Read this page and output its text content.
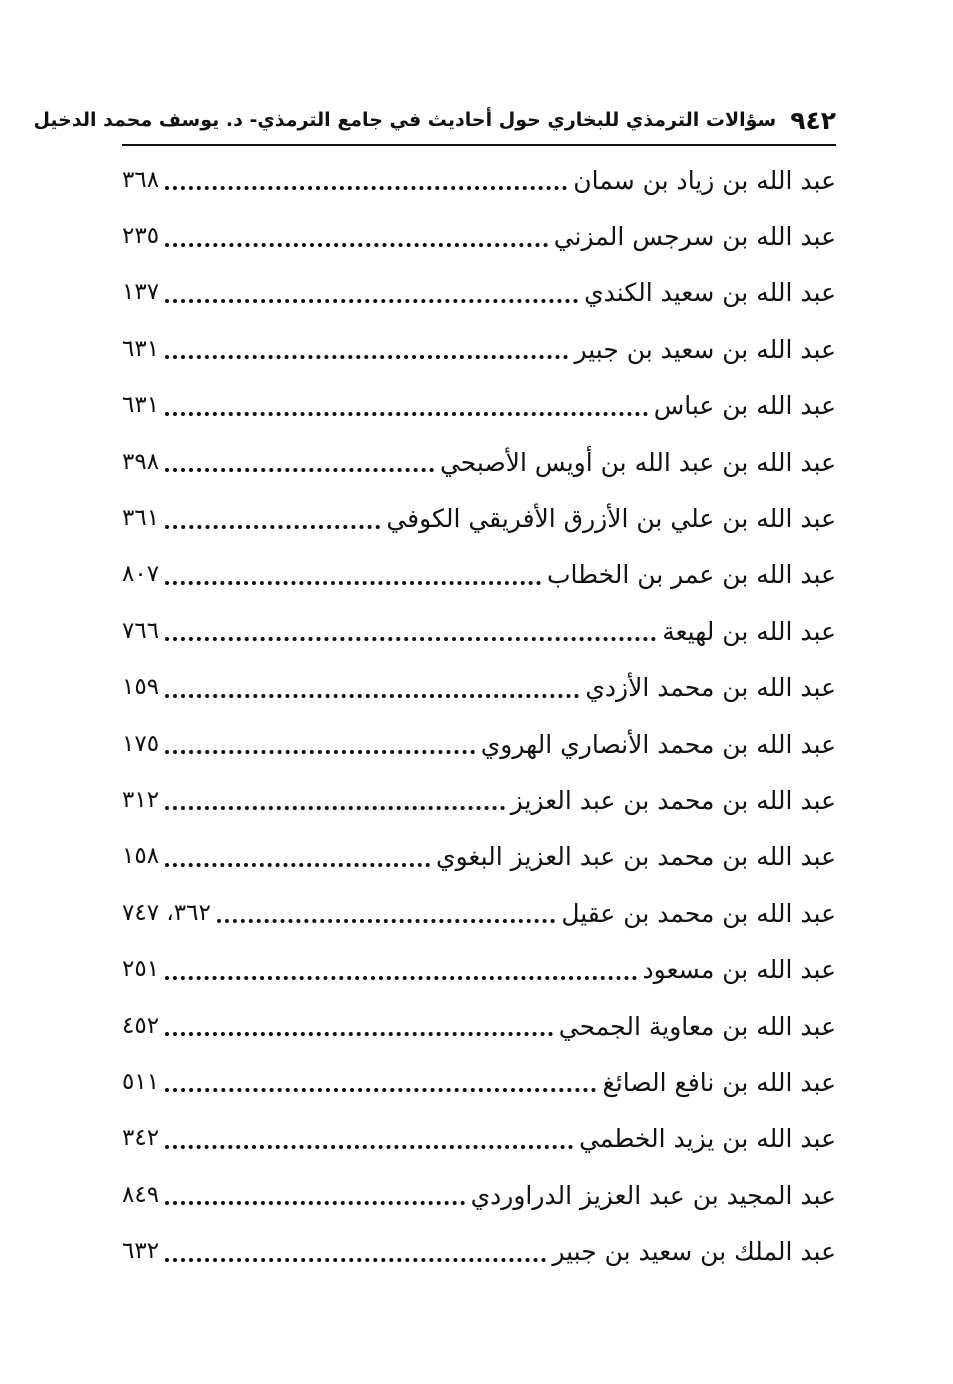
٩٤٢
سؤالات الترمذي للبخاري حول أحاديث في جامع الترمذي- د. يوسف محمد الدخيل
عبد الله بن زياد بن سمان
٣٦٨
عبد الله بن سرجس المزني
٢٣٥
عبد الله بن سعيد الكندي
١٣٧
عبد الله بن سعيد بن جبير
٦٣١
عبد الله بن عباس
٦٣١
عبد الله بن عبد الله بن أويس الأصبحي
٣٩٨
عبد الله بن علي بن الأزرق الأفريقي الكوفي
٣٦١
عبد الله بن عمر بن الخطاب
٨٠٧
عبد الله بن لهيعة
٧٦٦
عبد الله بن محمد الأزدي
١٥٩
عبد الله بن محمد الأنصاري الهروي
١٧٥
عبد الله بن محمد بن عبد العزيز
٣١٢
عبد الله بن محمد بن عبد العزيز البغوي
١٥٨
عبد الله بن محمد بن عقيل
٣٦٢، ٧٤٧
عبد الله بن مسعود
٢٥١
عبد الله بن معاوية الجمحي
٤٥٢
عبد الله بن نافع الصائغ
٥١١
عبد الله بن يزيد الخطمي
٣٤٢
عبد المجيد بن عبد العزيز الدراوردي
٨٤٩
عبد الملك بن سعيد بن جبير
٦٣٢
